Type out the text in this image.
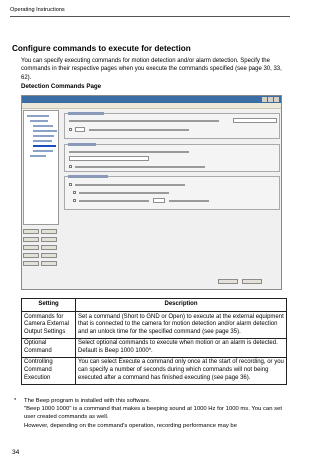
Operating Instructions
Configure commands to execute for detection
You can specify executing commands for motion detection and/or alarm detection. Specify the commands in their respective pages when you execute the commands specified (see page 30, 33, 62).
Detection Commands Page
Setting	Description
Commands for Camera External Output Settings	Set a command (Short to GND or Open) to execute at the external equipment that is connected to the camera for motion detection and/or alarm detection and an unlock time for the specified command (see page 35).
Optional Command	Select optional commands to execute when motion or an alarm is detected. Default is Beep 1000 1000*.
Controlling Command Execution	You can select Execute a command only once at the start of recording, or you can specify a number of seconds during which commands will not being executed after a command has finished executing (see page 36).
* The Beep program is installed with this software.
"Beep 1000 1000" is a command that makes a beeping sound at 1000 Hz for 1000 ms. You can set user created commands as well.
However, depending on the command's operation, recording performance may be
34
